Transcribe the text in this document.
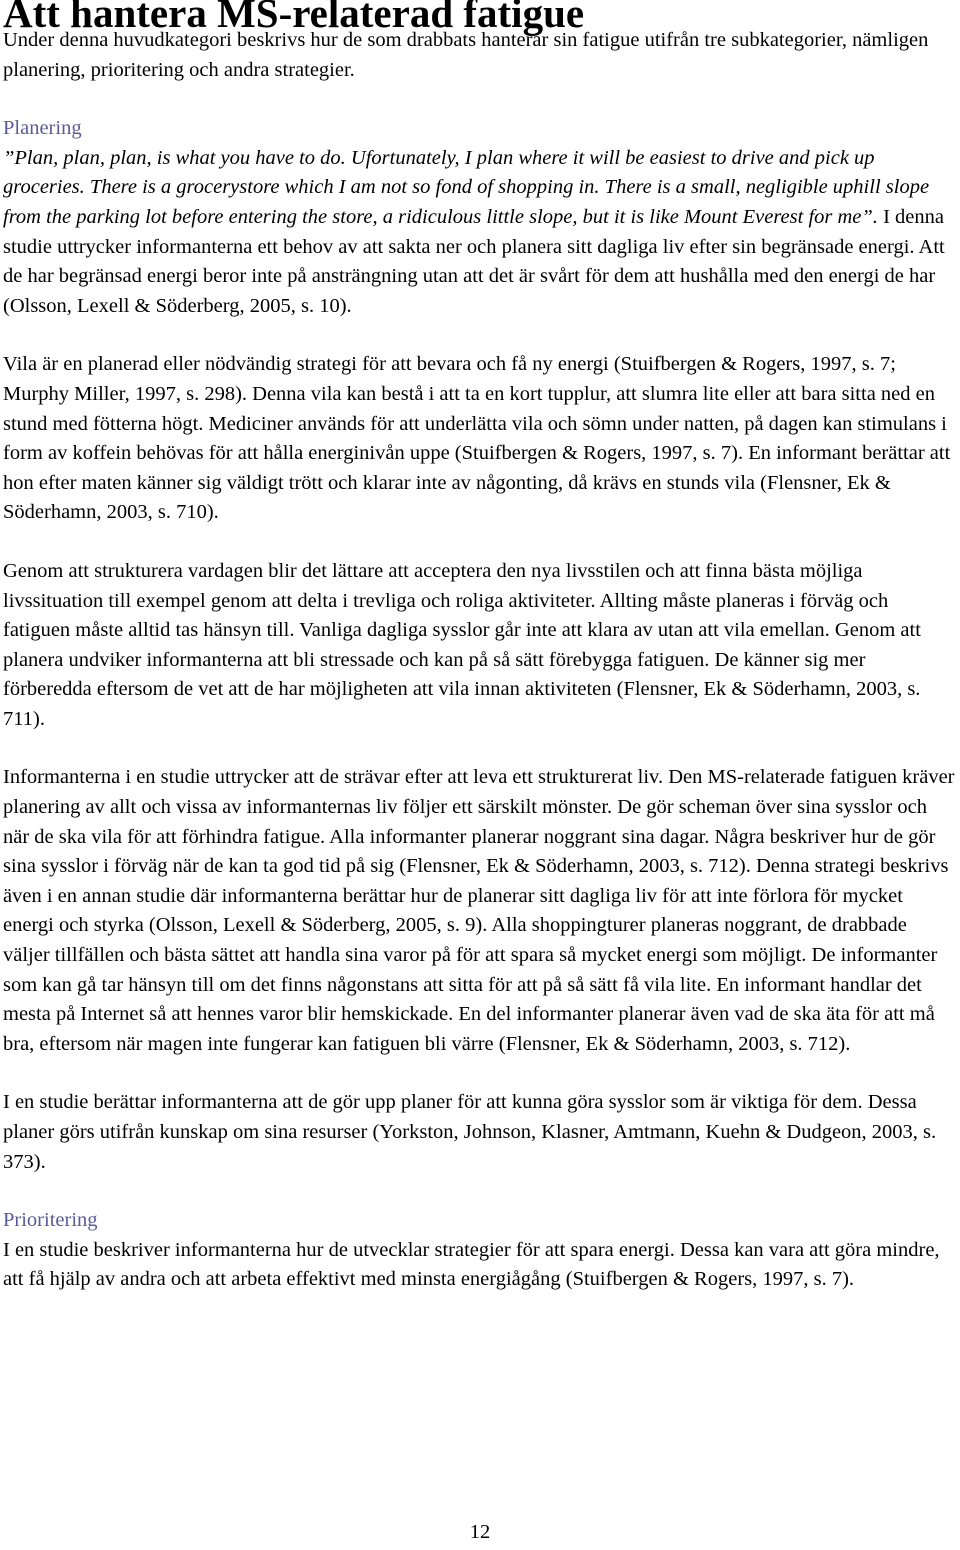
Att hantera MS-relaterad fatigue

Under denna huvudkategori beskrivs hur de som drabbats hanterar sin fatigue utifrån tre subkategorier, nämligen planering, prioritering och andra strategier.

Planering

”Plan, plan, plan, is what you have to do. Ufortunately, I plan where it will be easiest to drive and pick up groceries. There is a grocerystore which I am not so fond of shopping in. There is a small, negligible uphill slope from the parking lot before entering the store, a ridiculous little slope, but it is like Mount Everest for me”. I denna studie uttrycker informanterna ett behov av att sakta ner och planera sitt dagliga liv efter sin begränsade energi. Att de har begränsad energi beror inte på ansträngning utan att det är svårt för dem att hushålla med den energi de har (Olsson, Lexell & Söderberg, 2005, s. 10).

Vila är en planerad eller nödvändig strategi för att bevara och få ny energi (Stuifbergen & Rogers, 1997, s. 7; Murphy Miller, 1997, s. 298). Denna vila kan bestå i att ta en kort tupplur, att slumra lite eller att bara sitta ned en stund med fötterna högt. Mediciner används för att underlätta vila och sömn under natten, på dagen kan stimulans i form av koffein behövas för att hålla energinivån uppe (Stuifbergen & Rogers, 1997, s. 7). En informant berättar att hon efter maten känner sig väldigt trött och klarar inte av någonting, då krävs en stunds vila (Flensner, Ek & Söderhamn, 2003, s. 710).

Genom att strukturera vardagen blir det lättare att acceptera den nya livsstilen och att finna bästa möjliga livssituation till exempel genom att delta i trevliga och roliga aktiviteter. Allting måste planeras i förväg och fatiguen måste alltid tas hänsyn till. Vanliga dagliga sysslor går inte att klara av utan att vila emellan. Genom att planera undviker informanterna att bli stressade och kan på så sätt förebygga fatiguen. De känner sig mer förberedda eftersom de vet att de har möjligheten att vila innan aktiviteten (Flensner, Ek & Söderhamn, 2003, s. 711).

Informanterna i en studie uttrycker att de strävar efter att leva ett strukturerat liv. Den MS-relaterade fatiguen kräver planering av allt och vissa av informanternas liv följer ett särskilt mönster. De gör scheman över sina sysslor och när de ska vila för att förhindra fatigue. Alla informanter planerar noggrant sina dagar. Några beskriver hur de gör sina sysslor i förväg när de kan ta god tid på sig (Flensner, Ek & Söderhamn, 2003, s. 712). Denna strategi beskrivs även i en annan studie där informanterna berättar hur de planerar sitt dagliga liv för att inte förlora för mycket energi och styrka (Olsson, Lexell & Söderberg, 2005, s. 9). Alla shoppingturer planeras noggrant, de drabbade väljer tillfällen och bästa sättet att handla sina varor på för att spara så mycket energi som möjligt. De informanter som kan gå tar hänsyn till om det finns någonstans att sitta för att på så sätt få vila lite. En informant handlar det mesta på Internet så att hennes varor blir hemskickade. En del informanter planerar även vad de ska äta för att må bra, eftersom när magen inte fungerar kan fatiguen bli värre (Flensner, Ek & Söderhamn, 2003, s. 712).

I en studie berättar informanterna att de gör upp planer för att kunna göra sysslor som är viktiga för dem. Dessa planer görs utifrån kunskap om sina resurser (Yorkston, Johnson, Klasner, Amtmann, Kuehn & Dudgeon, 2003, s. 373).

Prioritering

I en studie beskriver informanterna hur de utvecklar strategier för att spara energi. Dessa kan vara att göra mindre, att få hjälp av andra och att arbeta effektivt med minsta energiågång (Stuifbergen & Rogers, 1997, s. 7).

12
